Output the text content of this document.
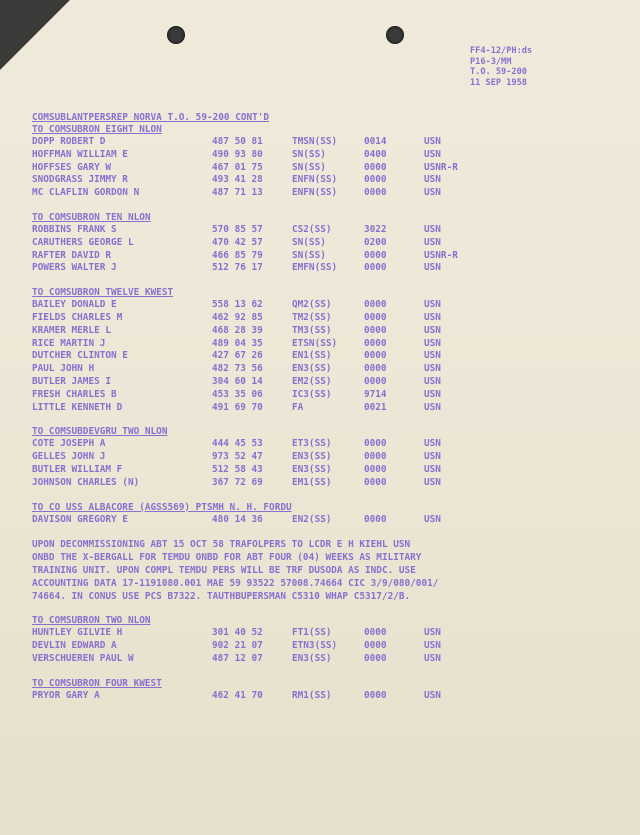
FF4-12/PH:ds
P16-3/MM
T.O. 59-200
11 SEP 1958
COMSUBLANTPERSREP NORVA T.O. 59-200 CONT'D
TO COMSUBRON EIGHT NLON
DOPP ROBERT D	487 50 81	TMSN(SS)	0014	USN
HOFFMAN WILLIAM E	490 93 80	SN(SS)	0400	USN
HOFFSES GARY W	467 01 75	SN(SS)	0000	USNR-R
SNODGRASS JIMMY R	493 41 28	ENFN(SS)	0000	USN
MC CLAFLIN GORDON N	487 71 13	ENFN(SS)	0000	USN
TO COMSUBRON TEN NLON
ROBBINS FRANK S	570 85 57	CS2(SS)	3022	USN
CARUTHERS GEORGE L	470 42 57	SN(SS)	0200	USN
RAFTER DAVID R	466 85 79	SN(SS)	0000	USNR-R
POWERS WALTER J	512 76 17	EMFN(SS)	0000	USN
TO COMSUBRON TWELVE KWEST
BAILEY DONALD E	558 13 62	QM2(SS)	0000	USN
FIELDS CHARLES M	462 92 85	TM2(SS)	0000	USN
KRAMER MERLE L	468 28 39	TM3(SS)	0000	USN
RICE MARTIN J	489 04 35	ETSN(SS)	0000	USN
DUTCHER CLINTON E	427 67 26	EN1(SS)	0000	USN
PAUL JOHN H	482 73 56	EN3(SS)	0000	USN
BUTLER JAMES I	304 60 14	EM2(SS)	0000	USN
FRESH CHARLES B	453 35 06	IC3(SS)	9714	USN
LITTLE KENNETH D	491 69 70	FA	0021	USN
TO COMSUBDEVGRU TWO NLON
COTE JOSEPH A	444 45 53	ET3(SS)	0000	USN
GELLES JOHN J	973 52 47	EN3(SS)	0000	USN
BUTLER WILLIAM F	512 58 43	EN3(SS)	0000	USN
JOHNSON CHARLES (N)	367 72 69	EM1(SS)	0000	USN
TO CO USS ALBACORE (AGSS569) PTSMH N. H. FORDU
DAVISON GREGORY E	480 14 36	EN2(SS)	0000	USN
UPON DECOMMISSIONING ABT 15 OCT 58 TRAFOLPERS TO LCDR E H KIEHL USN
ONBD THE X-BERGALL FOR TEMDU ONBD FOR ABT FOUR (04) WEEKS AS MILITARY
TRAINING UNIT. UPON COMPL TEMDU PERS WILL BE TRF DUSODA AS INDC. USE
ACCOUNTING DATA 17-1191080.001 MAE 59 93522 57008.74664 CIC 3/9/080/001/
74664. IN CONUS USE PCS B7322. TAUTHBUPERSMAN C5310 WHAP C5317/2/B.
TO COMSUBRON TWO NLON
HUNTLEY GILVIE H	301 40 52	FT1(SS)	0000	USN
DEVLIN EDWARD A	902 21 07	ETN3(SS)	0000	USN
VERSCHUEREN PAUL W	487 12 07	EN3(SS)	0000	USN
TO COMSUBRON FOUR KWEST
PRYOR GARY A	462 41 70	RM1(SS)	0000	USN
